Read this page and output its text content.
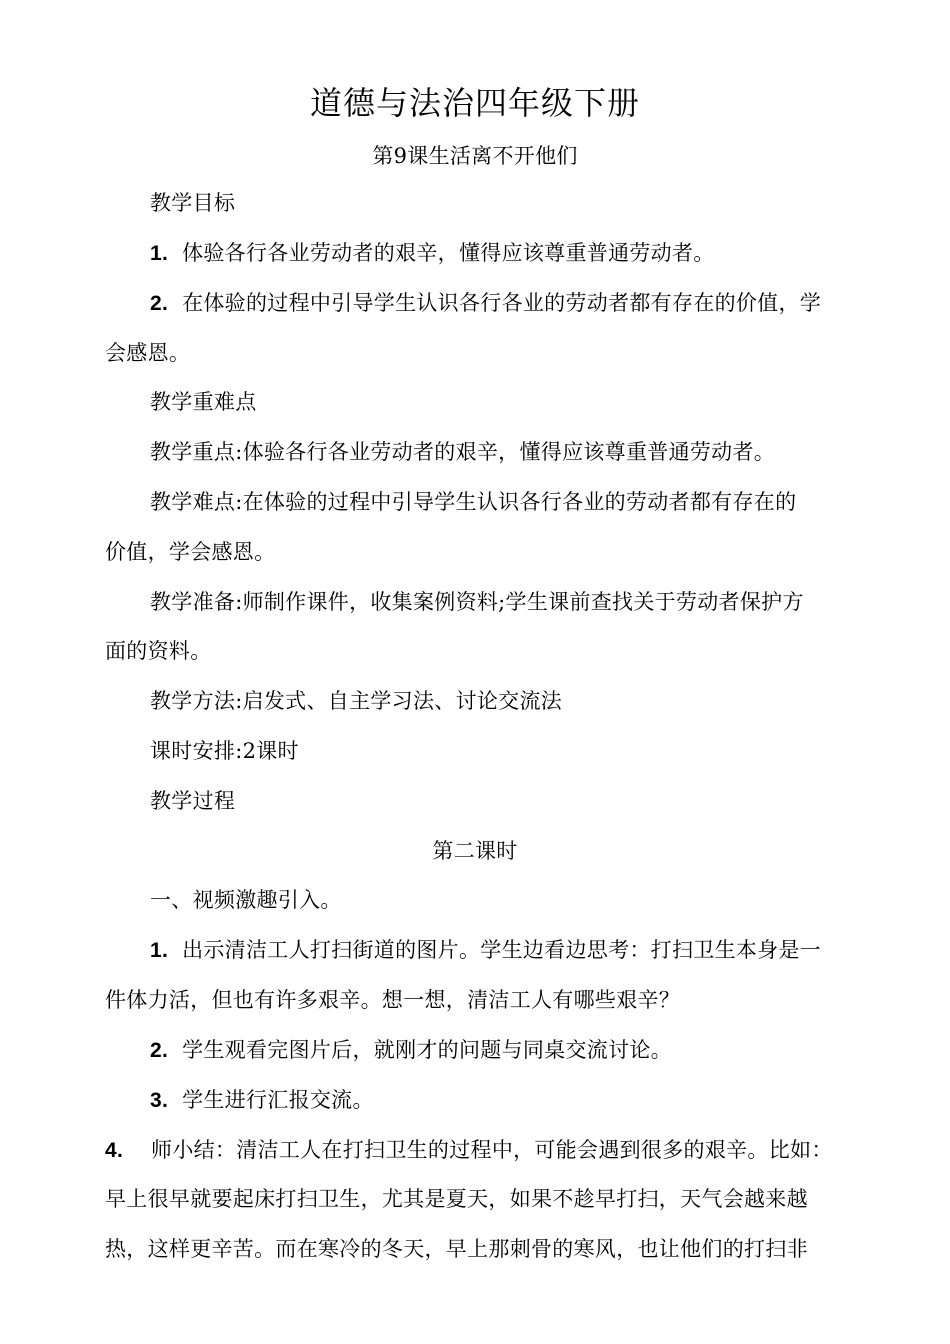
道德与法治四年级下册
第9课生活离不开他们
教学目标
1. 体验各行各业劳动者的艰辛，懂得应该尊重普通劳动者。
2. 在体验的过程中引导学生认识各行各业的劳动者都有存在的价值，学
会感恩。
教学重难点
教学重点:体验各行各业劳动者的艰辛，懂得应该尊重普通劳动者。
教学难点:在体验的过程中引导学生认识各行各业的劳动者都有存在的
价值，学会感恩。
教学准备:师制作课件，收集案例资料;学生课前查找关于劳动者保护方
面的资料。
教学方法:启发式、自主学习法、讨论交流法
课时安排:2课时
教学过程
第二课时
一、视频激趣引入。
1. 出示清洁工人打扫街道的图片。学生边看边思考：打扫卫生本身是一
件体力活，但也有许多艰辛。想一想，清洁工人有哪些艰辛？
2. 学生观看完图片后，就刚才的问题与同桌交流讨论。
3. 学生进行汇报交流。
4. 师小结：清洁工人在打扫卫生的过程中，可能会遇到很多的艰辛。比如：
早上很早就要起床打扫卫生，尤其是夏天，如果不趁早打扫，天气会越来越
热，这样更辛苦。而在寒冷的冬天，早上那刺骨的寒风，也让他们的打扫非
